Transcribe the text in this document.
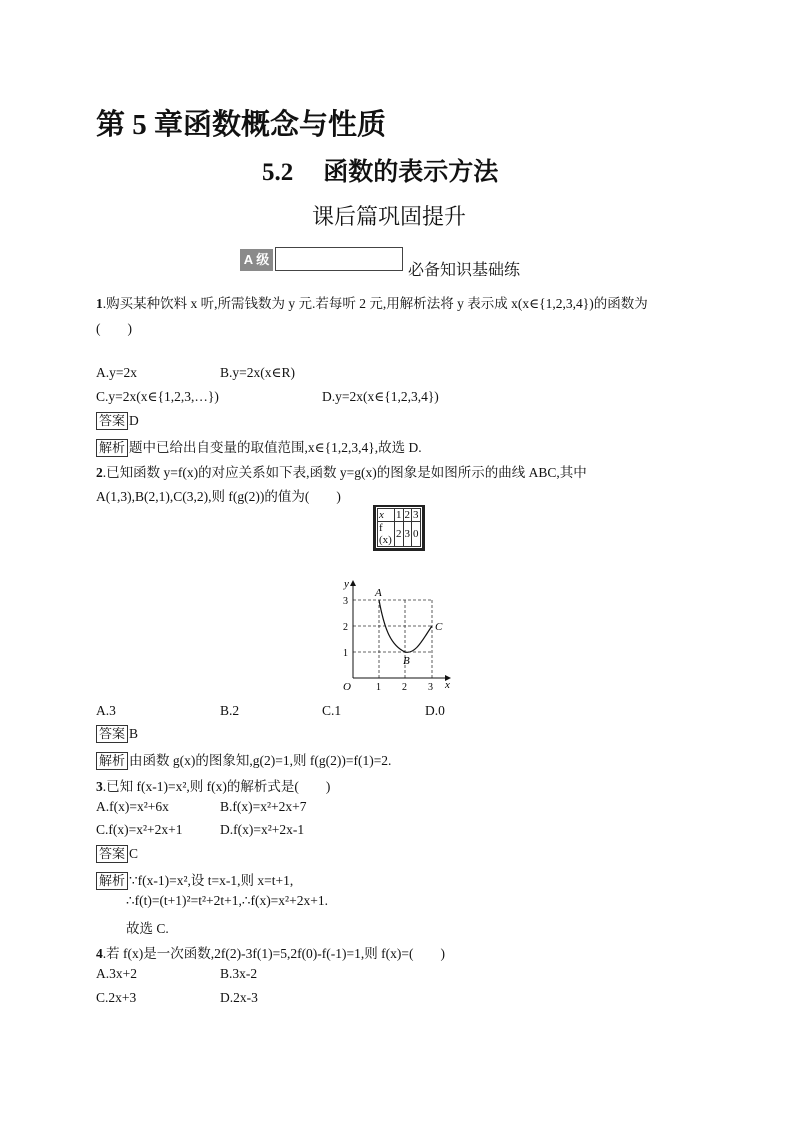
第 5 章函数概念与性质
5.2 函数的表示方法
课后篇巩固提升
A 级
必备知识基础练
1.购买某种饮料 x 听,所需钱数为 y 元.若每听 2 元,用解析法将 y 表示成 x(x∈{1,2,3,4})的函数为
(　　)
A.y=2x	B.y=2x(x∈R)
C.y=2x(x∈{1,2,3,…})	D.y=2x(x∈{1,2,3,4})
答案 D
解析 题中已给出自变量的取值范围,x∈{1,2,3,4},故选 D.
2.已知函数 y=f(x)的对应关系如下表,函数 y=g(x)的图象是如图所示的曲线 ABC,其中
A(1,3),B(2,1),C(3,2),则 f(g(2))的值为(　　)
x	1	2	3
f(x)	2	3	0
y
x
O	1 2 3
1
2
3
A
B
C
A.3	B.2	C.1	D.0
答案 B
解析 由函数 g(x)的图象知,g(2)=1,则 f(g(2))=f(1)=2.
3.已知 f(x-1)=x²,则 f(x)的解析式是(　　)
A.f(x)=x²+6x	B.f(x)=x²+2x+7
C.f(x)=x²+2x+1	D.f(x)=x²+2x-1
答案 C
解析 ∵f(x-1)=x²,设 t=x-1,则 x=t+1,
∴f(t)=(t+1)²=t²+2t+1,∴f(x)=x²+2x+1.
故选 C.
4.若 f(x)是一次函数,2f(2)-3f(1)=5,2f(0)-f(-1)=1,则 f(x)=(　　)
A.3x+2	B.3x-2
C.2x+3	D.2x-3
